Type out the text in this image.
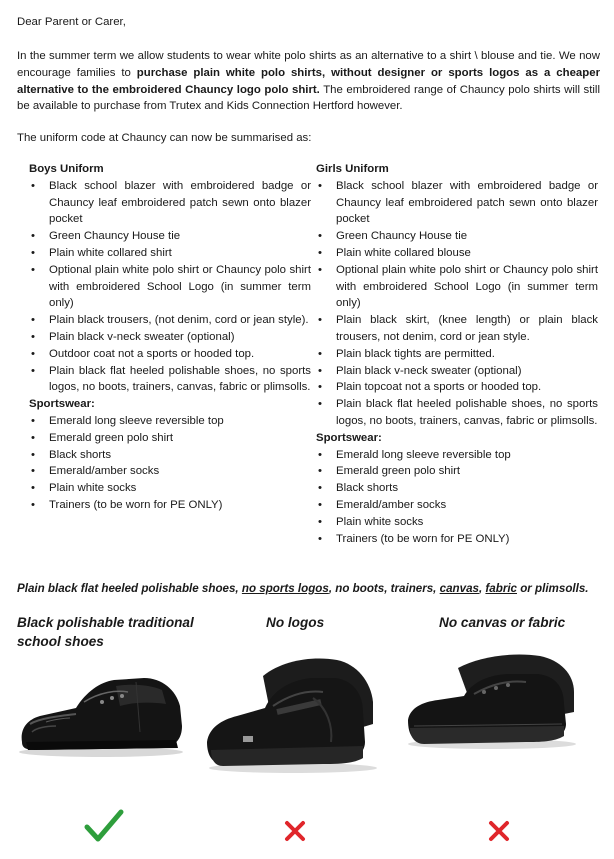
Dear Parent or Carer,
In the summer term we allow students to wear white polo shirts as an alternative to a shirt \ blouse and tie. We now encourage families to purchase plain white polo shirts, without designer or sports logos as a cheaper alternative to the embroidered Chauncy logo polo shirt. The embroidered range of Chauncy polo shirts will still be available to purchase from Trutex and Kids Connection Hertford however.
The uniform code at Chauncy can now be summarised as:
Boys Uniform
• Black school blazer with embroidered badge or Chauncy leaf embroidered patch sewn onto blazer pocket
• Green Chauncy House tie
• Plain white collared shirt
• Optional plain white polo shirt or Chauncy polo shirt with embroidered School Logo (in summer term only)
• Plain black trousers, (not denim, cord or jean style).
• Plain black v-neck sweater (optional)
• Outdoor coat not a sports or hooded top.
• Plain black flat heeled polishable shoes, no sports logos, no boots, trainers, canvas, fabric or plimsolls.
Sportswear:
• Emerald long sleeve reversible top
• Emerald green polo shirt
• Black shorts
• Emerald/amber socks
• Plain white socks
• Trainers (to be worn for PE ONLY)
Girls Uniform
• Black school blazer with embroidered badge or Chauncy leaf embroidered patch sewn onto blazer pocket
• Green Chauncy House tie
• Plain white collared blouse
• Optional plain white polo shirt or Chauncy polo shirt with embroidered School Logo (in summer term only)
• Plain black skirt, (knee length) or plain black trousers, not denim, cord or jean style.
• Plain black tights are permitted.
• Plain black v-neck sweater (optional)
• Plain topcoat not a sports or hooded top.
• Plain black flat heeled polishable shoes, no sports logos, no boots, trainers, canvas, fabric or plimsolls.
Sportswear:
• Emerald long sleeve reversible top
• Emerald green polo shirt
• Black shorts
• Emerald/amber socks
• Plain white socks
• Trainers (to be worn for PE ONLY)
Plain black flat heeled polishable shoes, no sports logos, no boots, trainers, canvas, fabric or plimsolls.
Black polishable traditional school shoes
No logos	No canvas or fabric
